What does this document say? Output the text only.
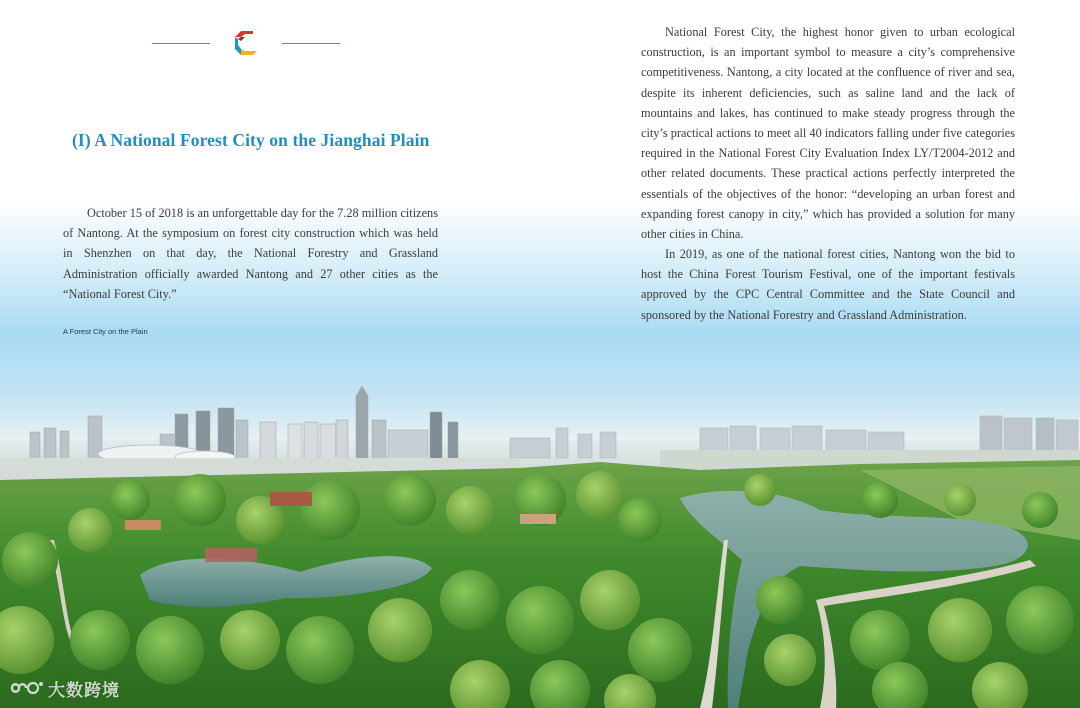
(I) A National Forest City on the Jianghai Plain

October 15 of 2018 is an unforgettable day for the 7.28 million citizens of Nantong. At the symposium on forest city construction which was held in Shenzhen on that day, the National Forestry and Grassland Administration officially awarded Nantong and 27 other cities as the “National Forest City.”

National Forest City, the highest honor given to urban ecological construction, is an important symbol to measure a city’s comprehensive competitiveness. Nantong, a city located at the confluence of river and sea, despite its inherent deficiencies, such as saline land and the lack of mountains and lakes, has continued to make steady progress through the city’s practical actions to meet all 40 indicators falling under five categories required in the National Forest City Evaluation Index LY/T2004-2012 and other related documents. These practical actions perfectly interpreted the essentials of the objectives of the honor: “developing an urban forest and expanding forest canopy in city,” which has provided a solution for many other cities in China.

In 2019, as one of the national forest cities, Nantong won the bid to host the China Forest Tourism Festival, one of the important festivals approved by the CPC Central Committee and the State Council and sponsored by the National Forestry and Grassland Administration.

A Forest City on the Plain
大数跨境
